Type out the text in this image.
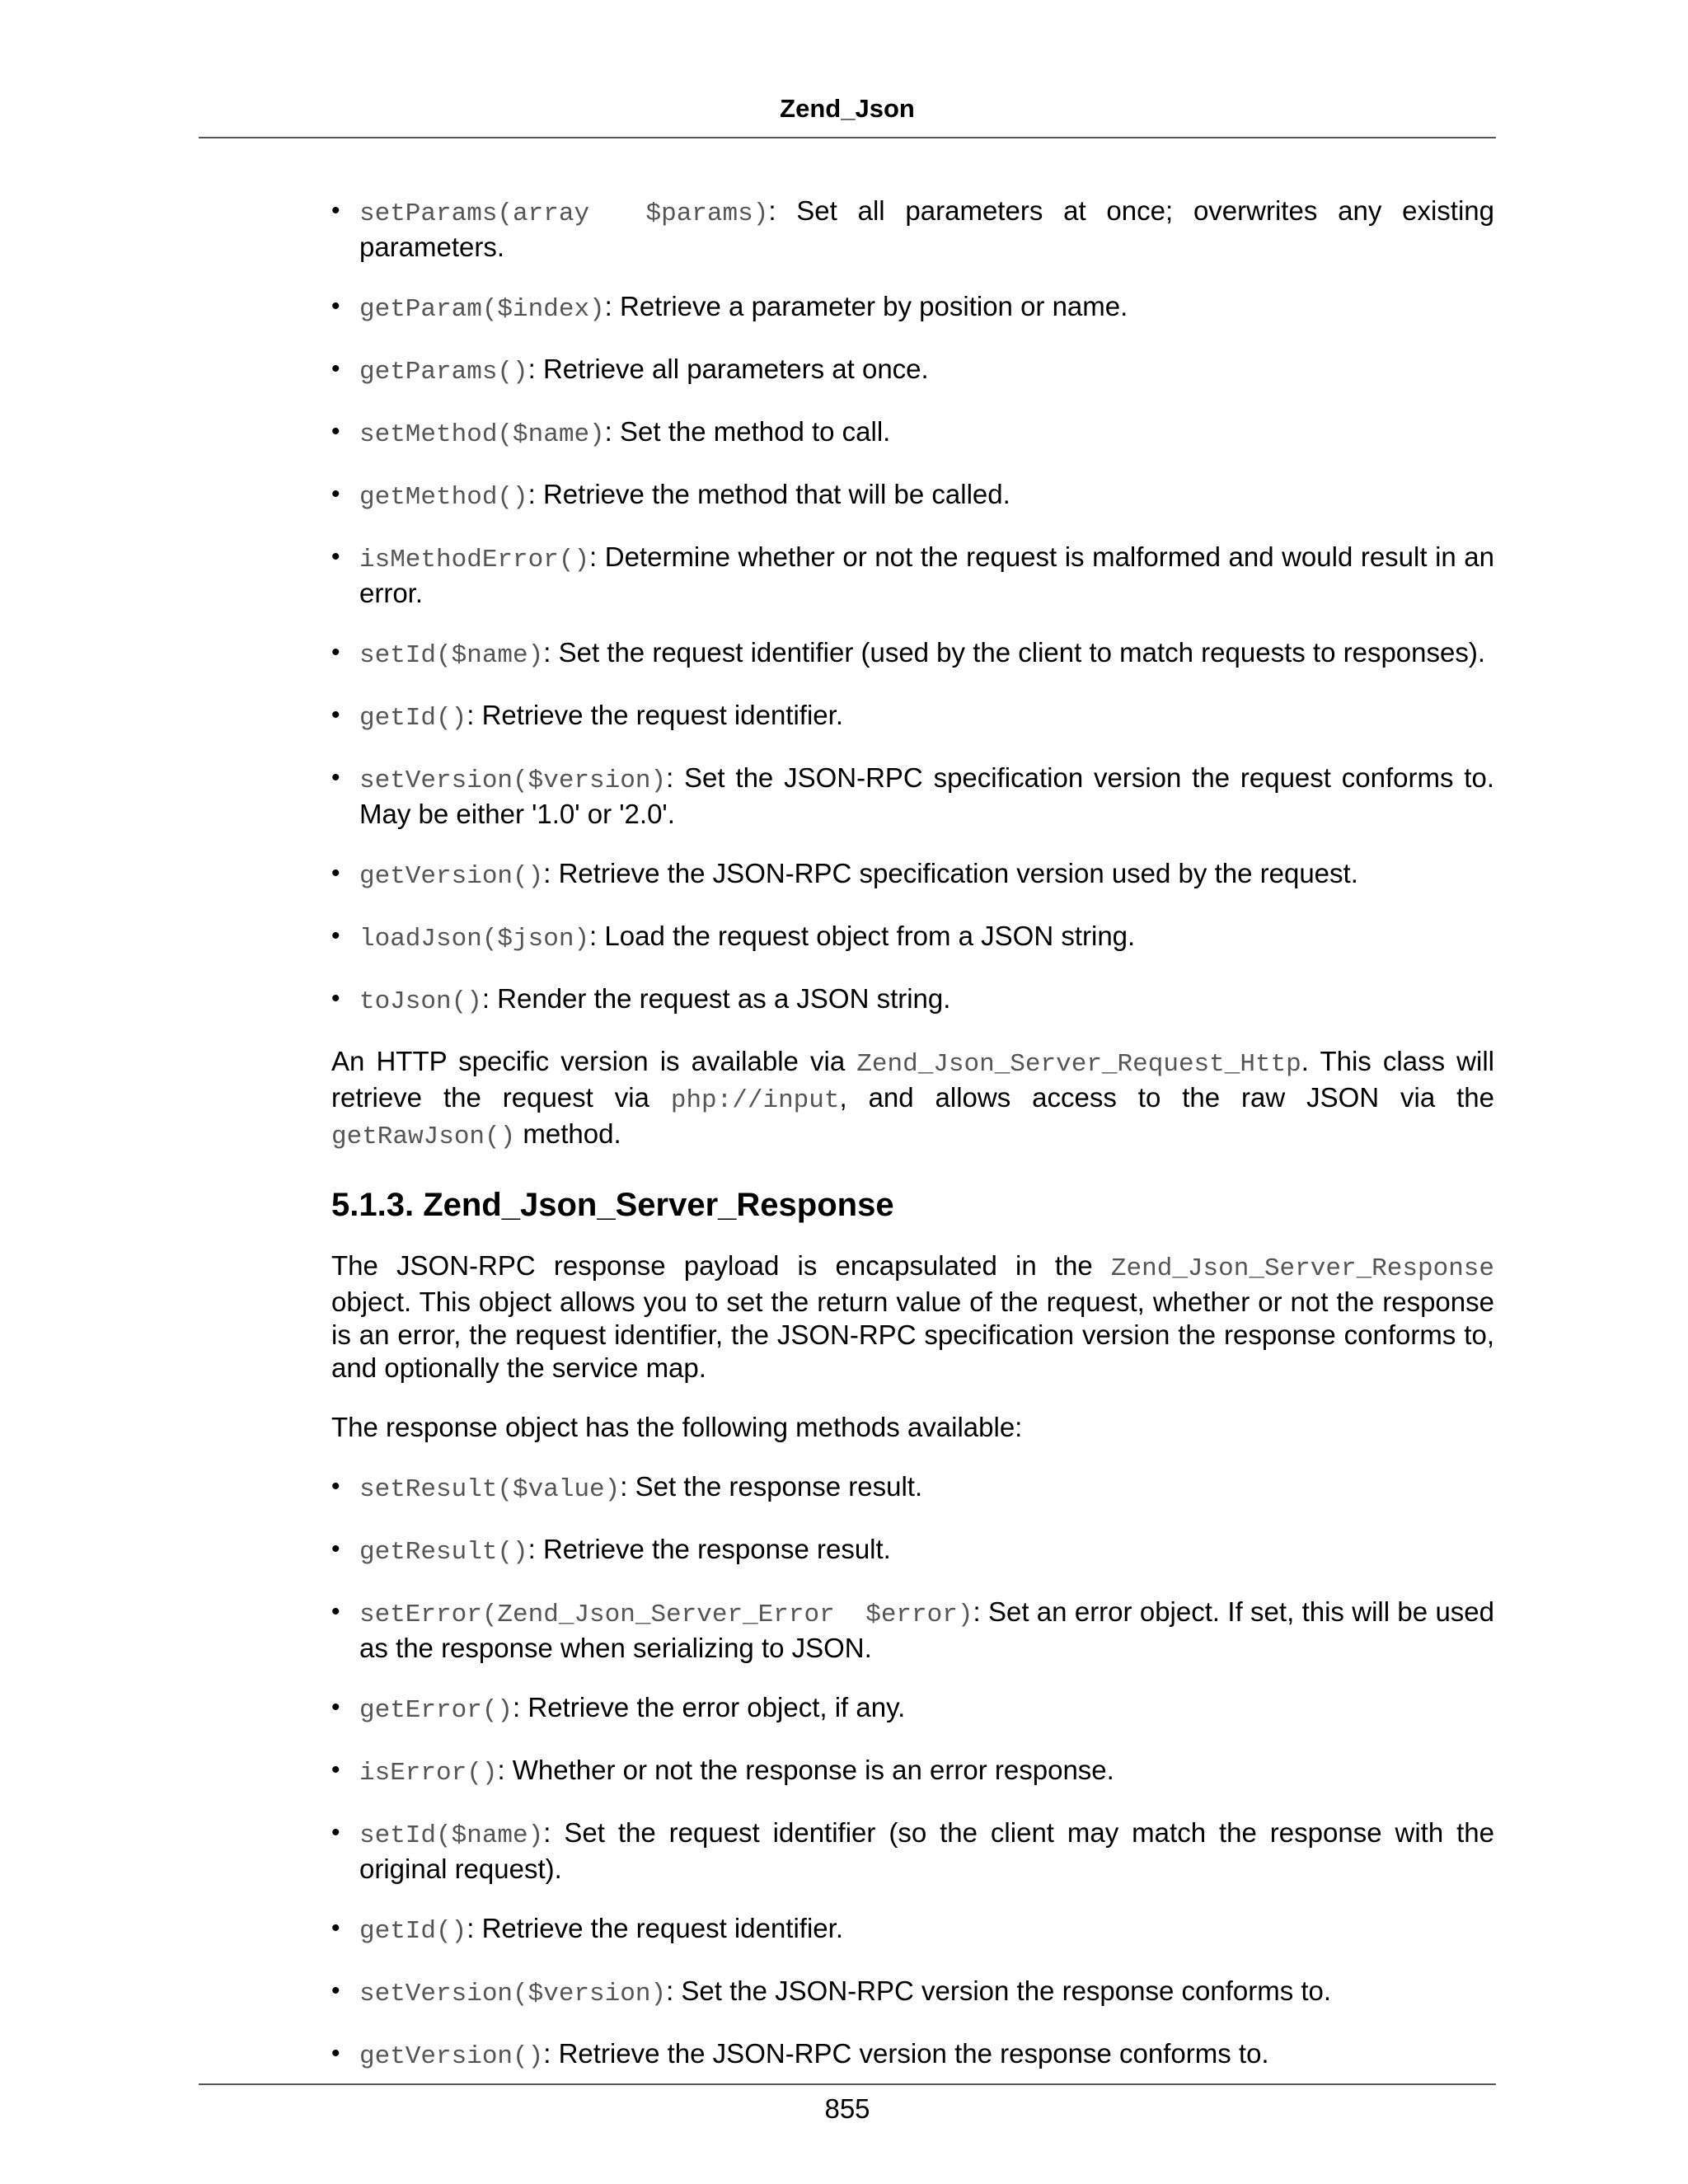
Zend_Json
• setParams(array  $params): Set all parameters at once; overwrites any existing parameters.
• getParam($index): Retrieve a parameter by position or name.
• getParams(): Retrieve all parameters at once.
• setMethod($name): Set the method to call.
• getMethod(): Retrieve the method that will be called.
• isMethodError(): Determine whether or not the request is malformed and would result in an error.
• setId($name): Set the request identifier (used by the client to match requests to responses).
• getId(): Retrieve the request identifier.
• setVersion($version): Set the JSON-RPC specification version the request conforms to. May be either '1.0' or '2.0'.
• getVersion(): Retrieve the JSON-RPC specification version used by the request.
• loadJson($json): Load the request object from a JSON string.
• toJson(): Render the request as a JSON string.

An HTTP specific version is available via Zend_Json_Server_Request_Http. This class will retrieve the request via php://input, and allows access to the raw JSON via the getRawJson() method.

5.1.3. Zend_Json_Server_Response

The JSON-RPC response payload is encapsulated in the Zend_Json_Server_Response object. This object allows you to set the return value of the request, whether or not the response is an error, the request identifier, the JSON-RPC specification version the response conforms to, and optionally the service map.

The response object has the following methods available:

• setResult($value): Set the response result.
• getResult(): Retrieve the response result.
• setError(Zend_Json_Server_Error  $error): Set an error object. If set, this will be used as the response when serializing to JSON.
• getError(): Retrieve the error object, if any.
• isError(): Whether or not the response is an error response.
• setId($name): Set the request identifier (so the client may match the response with the original request).
• getId(): Retrieve the request identifier.
• setVersion($version): Set the JSON-RPC version the response conforms to.
• getVersion(): Retrieve the JSON-RPC version the response conforms to.
855
